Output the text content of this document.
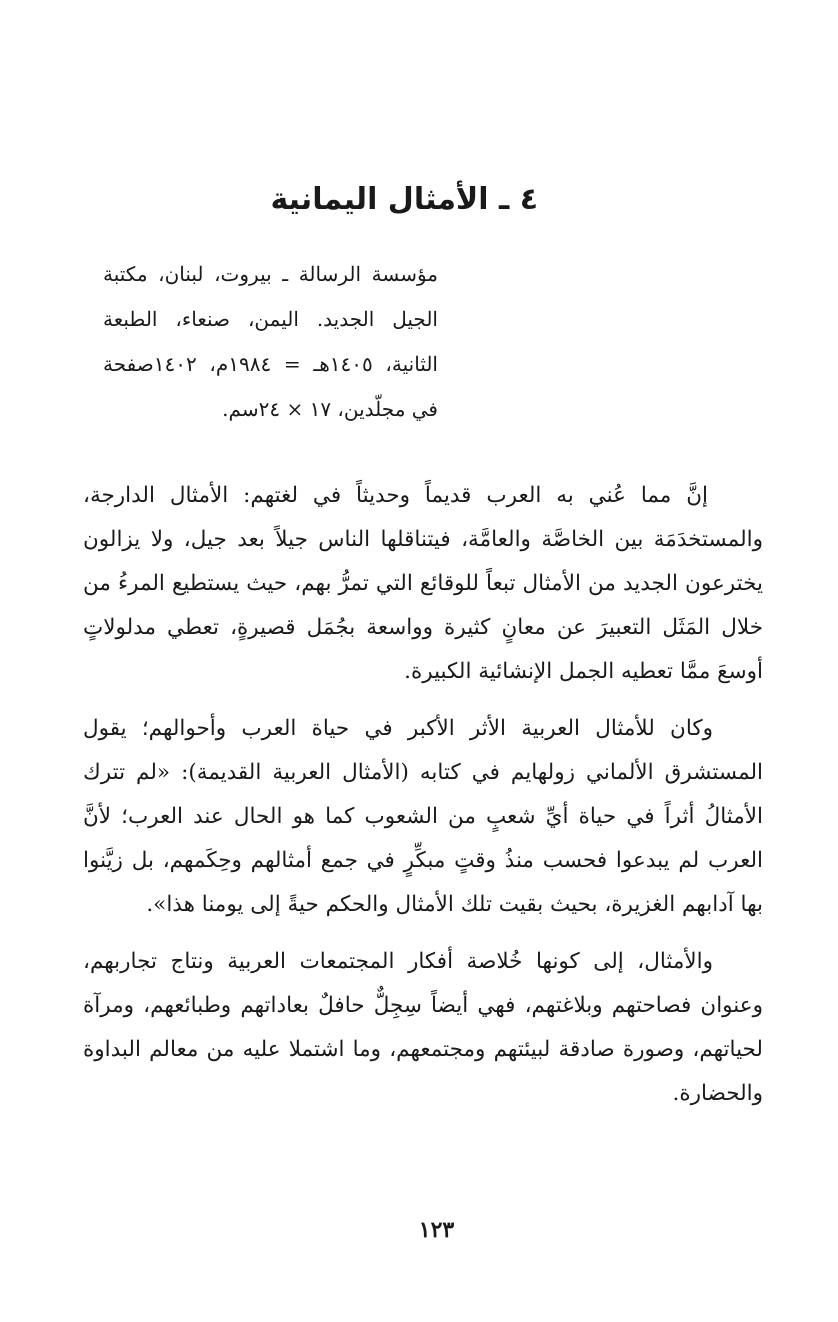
٤ ـ الأمثال اليمانية
مؤسسة الرسالة ـ بيروت، لبنان، مكتبة الجيل الجديد. اليمن، صنعاء، الطبعة الثانية، ١٤٠٥هـ = ١٩٨٤م، ١٤٠٢صفحة في مجلّدين، ١٧ × ٢٤سم.

إنَّ مما عُني به العرب قديماً وحديثاً في لغتهم: الأمثال الدارجة، والمستخدَمَة بين الخاصَّة والعامَّة، فيتناقلها الناس جيلاً بعد جيل، ولا يزالون يخترعون الجديد من الأمثال تبعاً للوقائع التي تمرُّ بهم، حيث يستطيع المرءُ من خلال المَثَل التعبيرَ عن معانٍ كثيرة وواسعة بجُمَل قصيرةٍ، تعطي مدلولاتٍ أوسعَ ممَّا تعطيه الجمل الإنشائية الكبيرة.

وكان للأمثال العربية الأثر الأكبر في حياة العرب وأحوالهم؛ يقول المستشرق الألماني زولهايم في كتابه (الأمثال العربية القديمة): «لم تترك الأمثالُ أثراً في حياة أيِّ شعبٍ من الشعوب كما هو الحال عند العرب؛ لأنَّ العرب لم يبدعوا فحسب منذُ وقتٍ مبكِّرٍ في جمع أمثالهم وحِكَمهم، بل زيَّنوا بها آدابهم الغزيرة، بحيث بقيت تلك الأمثال والحكم حيةً إلى يومنا هذا».

والأمثال، إلى كونها خُلاصة أفكار المجتمعات العربية ونتاج تجاربهم، وعنوان فصاحتهم وبلاغتهم، فهي أيضاً سِجِلٌّ حافلٌ بعاداتهم وطبائعهم، ومرآة لحياتهم، وصورة صادقة لبيئتهم ومجتمعهم، وما اشتملا عليه من معالم البداوة والحضارة.

١٢٣
